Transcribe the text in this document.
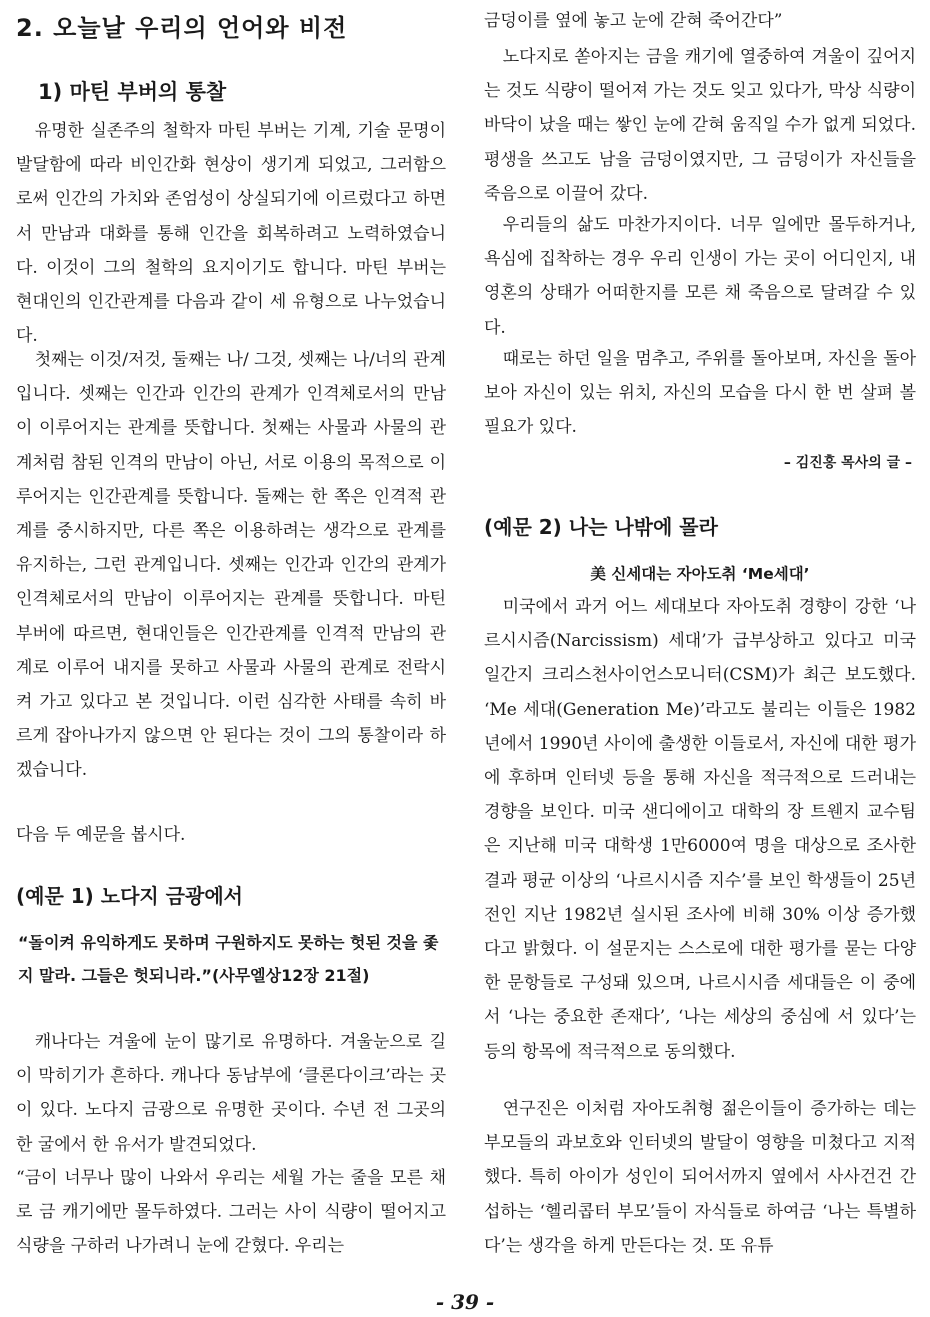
2. 오늘날 우리의 언어와 비전
1) 마틴 부버의 통찰

유명한 실존주의 철학자 마틴 부버는 기계, 기술 문명이 발달함에 따라 비인간화 현상이 생기게 되었고, 그러함으로써 인간의 가치와 존엄성이 상실되기에 이르렀다고 하면서 만남과 대화를 통해 인간을 회복하려고 노력하였습니다. 이것이 그의 철학의 요지이기도 합니다. 마틴 부버는 현대인의 인간관계를 다음과 같이 세 유형으로 나누었습니다.

첫째는 이것/저것, 둘째는 나/ 그것, 셋째는 나/너의 관계입니다. 셋째는 인간과 인간의 관계가 인격체로서의 만남이 이루어지는 관계를 뜻합니다. 첫째는 사물과 사물의 관계처럼 참된 인격의 만남이 아닌, 서로 이용의 목적으로 이루어지는 인간관계를 뜻합니다. 둘째는 한 쪽은 인격적 관계를 중시하지만, 다른 쪽은 이용하려는 생각으로 관계를 유지하는, 그런 관계입니다. 셋째는 인간과 인간의 관계가 인격체로서의 만남이 이루어지는 관계를 뜻합니다. 마틴 부버에 따르면, 현대인들은 인간관계를 인격적 만남의 관계로 이루어 내지를 못하고 사물과 사물의 관계로 전락시켜 가고 있다고 본 것입니다. 이런 심각한 사태를 속히 바르게 잡아나가지 않으면 안 된다는 것이 그의 통찰이라 하겠습니다.

다음 두 예문을 봅시다.

(예문 1) 노다지 금광에서

“돌이켜 유익하게도 못하며 구원하지도 못하는 헛된 것을 좇지 말라. 그들은 헛되니라.”(사무엘상12장 21절)

캐나다는 겨울에 눈이 많기로 유명하다. 겨울눈으로 길이 막히기가 흔하다. 캐나다 동남부에 ‘클론다이크’라는 곳이 있다. 노다지 금광으로 유명한 곳이다. 수년 전 그곳의 한 굴에서 한 유서가 발견되었다.

“금이 너무나 많이 나와서 우리는 세월 가는 줄을 모른 채로 금 캐기에만 몰두하였다. 그러는 사이 식량이 떨어지고 식량을 구하러 나가려니 눈에 갇혔다. 우리는

금덩이를 옆에 놓고 눈에 갇혀 죽어간다”

노다지로 쏟아지는 금을 캐기에 열중하여 겨울이 깊어지는 것도 식량이 떨어져 가는 것도 잊고 있다가, 막상 식량이 바닥이 났을 때는 쌓인 눈에 갇혀 움직일 수가 없게 되었다. 평생을 쓰고도 남을 금덩이였지만, 그 금덩이가 자신들을 죽음으로 이끌어 갔다.

우리들의 삶도 마찬가지이다. 너무 일에만 몰두하거나, 욕심에 집착하는 경우 우리 인생이 가는 곳이 어디인지, 내 영혼의 상태가 어떠한지를 모른 채 죽음으로 달려갈 수 있다.

때로는 하던 일을 멈추고, 주위를 돌아보며, 자신을 돌아보아 자신이 있는 위치, 자신의 모습을 다시 한 번 살펴 볼 필요가 있다.

– 김진홍 목사의 글 –

(예문 2) 나는 나밖에 몰라

美 신세대는 자아도취 ‘Me세대’

미국에서 과거 어느 세대보다 자아도취 경향이 강한 ‘나르시시즘(Narcissism) 세대’가 급부상하고 있다고 미국 일간지 크리스천사이언스모니터(CSM)가 최근 보도했다. ‘Me 세대(Generation Me)’라고도 불리는 이들은 1982년에서 1990년 사이에 출생한 이들로서, 자신에 대한 평가에 후하며 인터넷 등을 통해 자신을 적극적으로 드러내는 경향을 보인다. 미국 샌디에이고 대학의 장 트웬지 교수팀은 지난해 미국 대학생 1만6000여 명을 대상으로 조사한 결과 평균 이상의 ‘나르시시즘 지수’를 보인 학생들이 25년 전인 지난 1982년 실시된 조사에 비해 30% 이상 증가했다고 밝혔다. 이 설문지는 스스로에 대한 평가를 묻는 다양한 문항들로 구성돼 있으며, 나르시시즘 세대들은 이 중에서 ‘나는 중요한 존재다’, ‘나는 세상의 중심에 서 있다’는 등의 항목에 적극적으로 동의했다.

연구진은 이처럼 자아도취형 젊은이들이 증가하는 데는 부모들의 과보호와 인터넷의 발달이 영향을 미쳤다고 지적했다. 특히 아이가 성인이 되어서까지 옆에서 사사건건 간섭하는 ‘헬리콥터 부모’들이 자식들로 하여금 ‘나는 특별하다’는 생각을 하게 만든다는 것. 또 유튜

- 39 -
